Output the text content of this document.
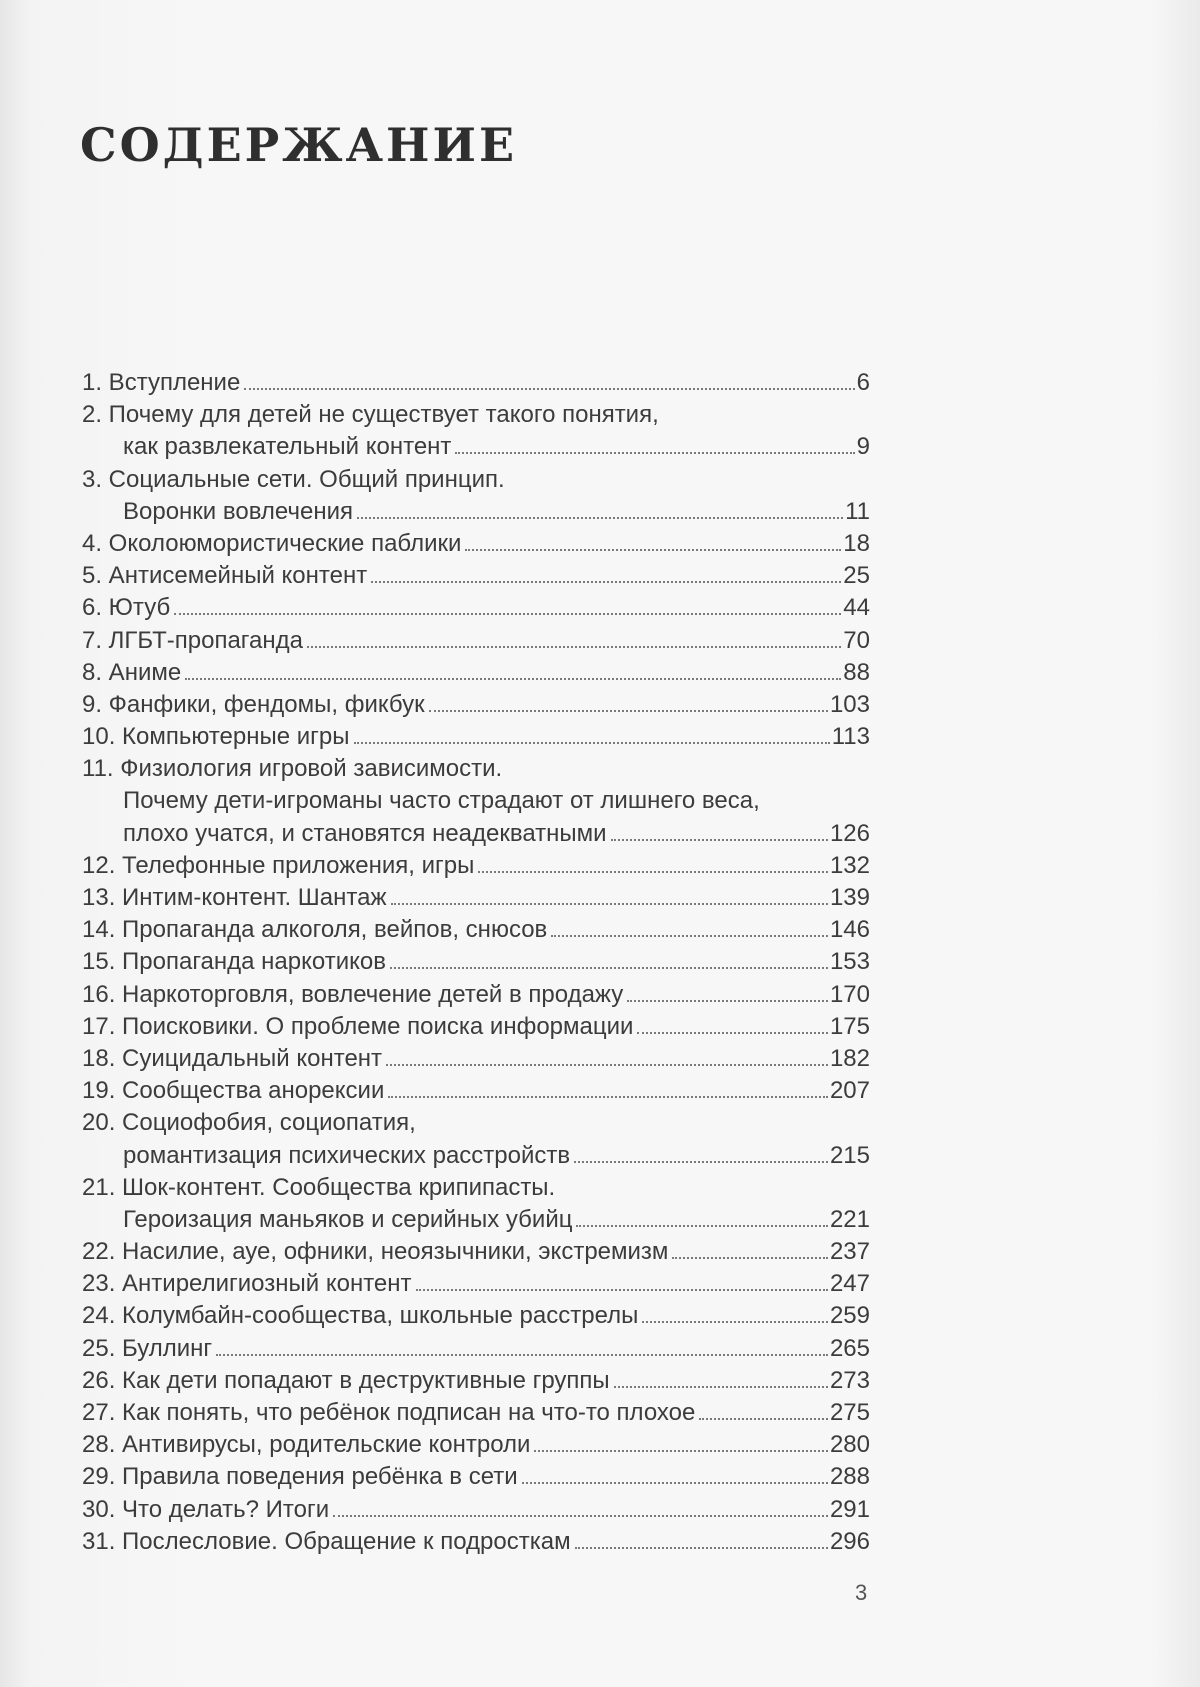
СОДЕРЖАНИЕ
1. Вступление	6
2. Почему для детей не существует такого понятия,
как развлекательный контент	9
3. Социальные сети. Общий принцип.
Воронки вовлечения	11
4. Околоюмористические паблики	18
5. Антисемейный контент	25
6. Ютуб	44
7. ЛГБТ-пропаганда	70
8. Аниме	88
9. Фанфики, фендомы, фикбук	103
10. Компьютерные игры	113
11. Физиология игровой зависимости.
Почему дети-игроманы часто страдают от лишнего веса,
плохо учатся, и становятся неадекватными	126
12. Телефонные приложения, игры	132
13. Интим-контент. Шантаж	139
14. Пропаганда алкоголя, вейпов, снюсов	146
15. Пропаганда наркотиков	153
16. Наркоторговля, вовлечение детей в продажу	170
17. Поисковики. О проблеме поиска информации	175
18. Суицидальный контент	182
19. Сообщества анорексии	207
20. Социофобия, социопатия,
романтизация психических расстройств	215
21. Шок-контент. Сообщества крипипасты.
Героизация маньяков и серийных убийц	221
22. Насилие, ауе, офники, неоязычники, экстремизм	237
23. Антирелигиозный контент	247
24. Колумбайн-сообщества, школьные расстрелы	259
25. Буллинг	265
26. Как дети попадают в деструктивные группы	273
27. Как понять, что ребёнок подписан на что-то плохое	275
28. Антивирусы, родительские контроли	280
29. Правила поведения ребёнка в сети	288
30. Что делать? Итоги	291
31. Послесловие. Обращение к подросткам	296
3
